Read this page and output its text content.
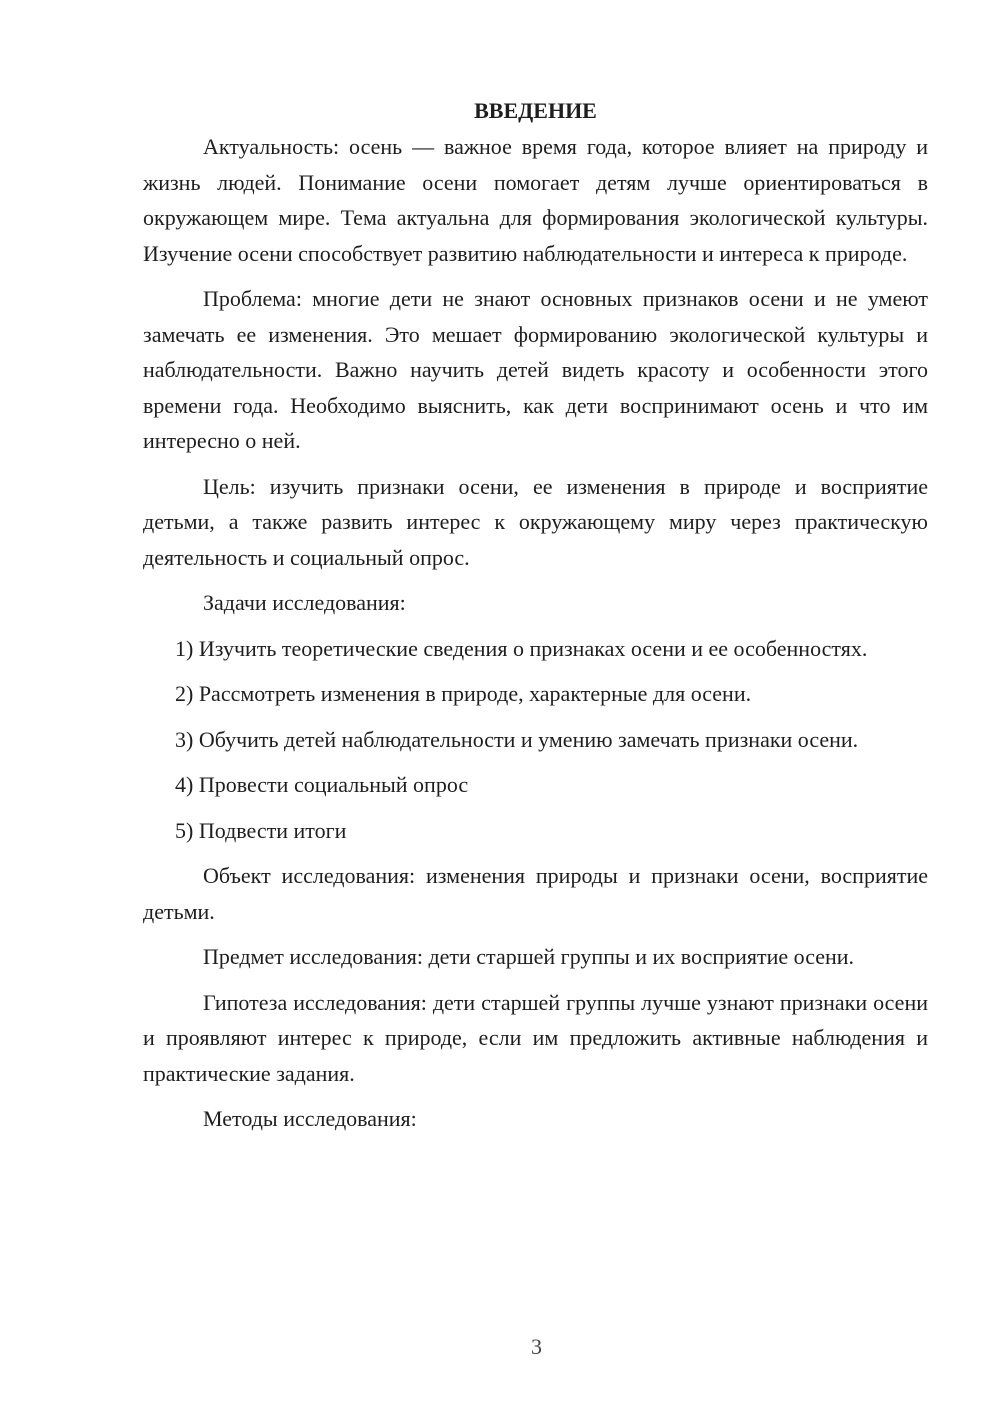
ВВЕДЕНИЕ

Актуальность: осень — важное время года, которое влияет на природу и жизнь людей. Понимание осени помогает детям лучше ориентироваться в окружающем мире. Тема актуальна для формирования экологической культуры. Изучение осени способствует развитию наблюдательности и интереса к природе.

Проблема: многие дети не знают основных признаков осени и не умеют замечать ее изменения. Это мешает формированию экологической культуры и наблюдательности. Важно научить детей видеть красоту и особенности этого времени года. Необходимо выяснить, как дети воспринимают осень и что им интересно о ней.

Цель: изучить признаки осени, ее изменения в природе и восприятие детьми, а также развить интерес к окружающему миру через практическую деятельность и социальный опрос.

Задачи исследования:

1) Изучить теоретические сведения о признаках осени и ее особенностях.

2) Рассмотреть изменения в природе, характерные для осени.

3) Обучить детей наблюдательности и умению замечать признаки осени.

4) Провести социальный опрос

5) Подвести итоги

Объект исследования: изменения природы и признаки осени, восприятие детьми.

Предмет исследования: дети старшей группы и их восприятие осени.

Гипотеза исследования: дети старшей группы лучше узнают признаки осени и проявляют интерес к природе, если им предложить активные наблюдения и практические задания.

Методы исследования:

3
